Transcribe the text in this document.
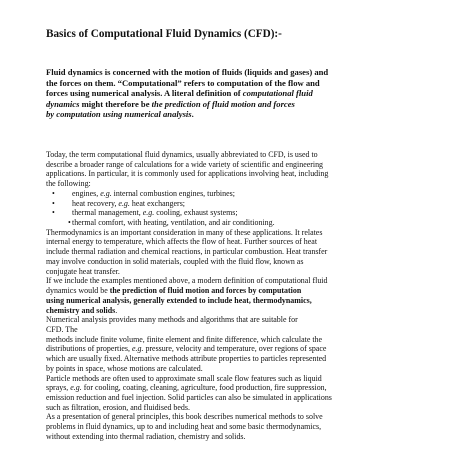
Basics of Computational Fluid Dynamics (CFD):-
Fluid dynamics is concerned with the motion of fluids (liquids and gases) and
the forces on them. “Computational” refers to computation of the flow and
forces using numerical analysis. A literal definition of computational fluid
dynamics might therefore be the prediction of fluid motion and forces
by computation using numerical analysis.
Today, the term computational fluid dynamics, usually abbreviated to CFD, is used to
describe a broader range of calculations for a wide variety of scientific and engineering
applications. In particular, it is commonly used for applications involving heat, including
the following:
• engines, e.g. internal combustion engines, turbines;
• heat recovery, e.g. heat exchangers;
• thermal management, e.g. cooling, exhaust systems;
• thermal comfort, with heating, ventilation, and air conditioning.
Thermodynamics is an important consideration in many of these applications. It relates
internal energy to temperature, which affects the flow of heat. Further sources of heat
include thermal radiation and chemical reactions, in particular combustion. Heat transfer
may involve conduction in solid materials, coupled with the fluid flow, known as
conjugate heat transfer.
If we include the examples mentioned above, a modern definition of computational fluid
dynamics would be the prediction of fluid motion and forces by computation
using numerical analysis, generally extended to include heat, thermodynamics,
chemistry and solids.
Numerical analysis provides many methods and algorithms that are suitable for
CFD. The
methods include finite volume, finite element and finite difference, which calculate the
distributions of properties, e.g. pressure, velocity and temperature, over regions of space
which are usually fixed. Alternative methods attribute properties to particles represented
by points in space, whose motions are calculated.
Particle methods are often used to approximate small scale flow features such as liquid
sprays, e.g. for cooling, coating, cleaning, agriculture, food production, fire suppression,
emission reduction and fuel injection. Solid particles can also be simulated in applications
such as filtration, erosion, and fluidised beds.
As a presentation of general principles, this book describes numerical methods to solve
problems in fluid dynamics, up to and including heat and some basic thermodynamics,
without extending into thermal radiation, chemistry and solids.
